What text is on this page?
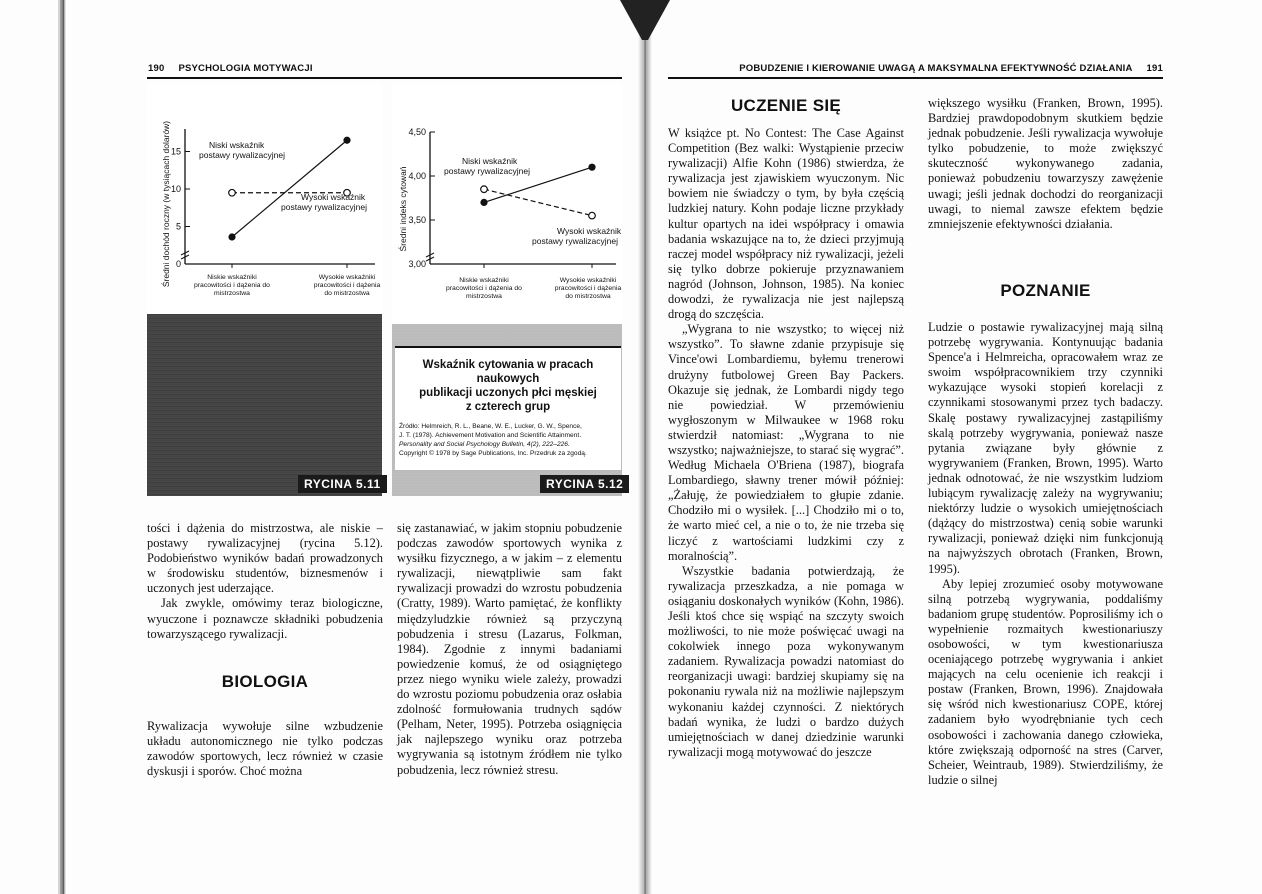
190 PSYCHOLOGIA MOTYWACJI
Średni dochód roczny (w tysiącach dolarów) 15
10
5
0
Niski wskaźnik postawy rywalizacyjnej
Wysoki wskaźnik postawy rywalizacyjnej
Niskie wskaźniki pracowitości i dążenia do mistrzostwa
Wysokie wskaźniki pracowitości i dążenia do mistrzostwa
RYCINA 5.11
Średni indeks cytowań
4,50
4,00
3,50
3,00
Niski wskaźnik postawy rywalizacyjnej
Wysoki wskaźnik postawy rywalizacyjnej
Niskie wskaźniki pracowitości i dążenia do mistrzostwa
Wysokie wskaźniki pracowitości i dążenia do mistrzostwa
Wskaźnik cytowania w pracach naukowych
publikacji uczonych płci męskiej
z czterech grup
Źródło: Helmreich, R. L., Beane, W. E., Lucker, G. W., Spence,
J. T. (1978). Achievement Motivation and Scientific Attainment.
Personality and Social Psychology Bulletin, 4(2), 222–226.
Copyright © 1978 by Sage Publications, Inc. Przedruk za zgodą.
RYCINA 5.12

tości i dążenia do mistrzostwa, ale niskie – postawy rywalizacyjnej (rycina 5.12). Podobieństwo wyników badań prowadzonych w środowisku studentów, biznesmenów i uczonych jest uderzające.

Jak zwykle, omówimy teraz biologiczne, wyuczone i poznawcze składniki pobudzenia towarzyszącego rywalizacji.

BIOLOGIA

Rywalizacja wywołuje silne wzbudzenie układu autonomicznego nie tylko podczas zawodów sportowych, lecz również w czasie dyskusji i sporów. Choć można

się zastanawiać, w jakim stopniu pobudzenie podczas zawodów sportowych wynika z wysiłku fizycznego, a w jakim – z elementu rywalizacji, niewątpliwie sam fakt rywalizacji prowadzi do wzrostu pobudzenia (Cratty, 1989). Warto pamiętać, że konflikty międzyludzkie również są przyczyną pobudzenia i stresu (Lazarus, Folkman, 1984). Zgodnie z innymi badaniami powiedzenie komuś, że od osiągniętego przez niego wyniku wiele zależy, prowadzi do wzrostu poziomu pobudzenia oraz osłabia zdolność formułowania trudnych sądów (Pelham, Neter, 1995). Potrzeba osiągnięcia jak najlepszego wyniku oraz potrzeba wygrywania są istotnym źródłem nie tylko pobudzenia, lecz również stresu.

POBUDZENIE I KIEROWANIE UWAGĄ A MAKSYMALNA EFEKTYWNOŚĆ DZIAŁANIA 191
UCZENIE SIĘ

W książce pt. No Contest: The Case Against Competition (Bez walki: Wystąpienie przeciw rywalizacji) Alfie Kohn (1986) stwierdza, że rywalizacja jest zjawiskiem wyuczonym. Nic bowiem nie świadczy o tym, by była częścią ludzkiej natury. Kohn podaje liczne przykłady kultur opartych na idei współpracy i omawia badania wskazujące na to, że dzieci przyjmują raczej model współpracy niż rywalizacji, jeżeli się tylko dobrze pokieruje przyznawaniem nagród (Johnson, Johnson, 1985). Na koniec dowodzi, że rywalizacja nie jest najlepszą drogą do szczęścia.

„Wygrana to nie wszystko; to więcej niż wszystko”. To sławne zdanie przypisuje się Vince'owi Lombardiemu, byłemu trenerowi drużyny futbolowej Green Bay Packers. Okazuje się jednak, że Lombardi nigdy tego nie powiedział. W przemówieniu wygłoszonym w Milwaukee w 1968 roku stwierdził natomiast: „Wygrana to nie wszystko; najważniejsze, to starać się wygrać”. Według Michaela O'Briena (1987), biografa Lombardiego, sławny trener mówił później: „Żałuję, że powiedziałem to głupie zdanie. Chodziło mi o wysiłek. [...] Chodziło mi o to, że warto mieć cel, a nie o to, że nie trzeba się liczyć z wartościami ludzkimi czy z moralnością”.

Wszystkie badania potwierdzają, że rywalizacja przeszkadza, a nie pomaga w osiąganiu doskonałych wyników (Kohn, 1986). Jeśli ktoś chce się wspiąć na szczyty swoich możliwości, to nie może poświęcać uwagi na cokolwiek innego poza wykonywanym zadaniem. Rywalizacja powadzi natomiast do reorganizacji uwagi: bardziej skupiamy się na pokonaniu rywala niż na możliwie najlepszym wykonaniu każdej czynności. Z niektórych badań wynika, że ludzi o bardzo dużych umiejętnościach w danej dziedzinie warunki rywalizacji mogą motywować do jeszcze

większego wysiłku (Franken, Brown, 1995). Bardziej prawdopodobnym skutkiem będzie jednak pobudzenie. Jeśli rywalizacja wywołuje tylko pobudzenie, to może zwiększyć skuteczność wykonywanego zadania, ponieważ pobudzeniu towarzyszy zawężenie uwagi; jeśli jednak dochodzi do reorganizacji uwagi, to niemal zawsze efektem będzie zmniejszenie efektywności działania.

POZNANIE

Ludzie o postawie rywalizacyjnej mają silną potrzebę wygrywania. Kontynuując badania Spence'a i Helmreicha, opracowałem wraz ze swoim współpracownikiem trzy czynniki wykazujące wysoki stopień korelacji z czynnikami stosowanymi przez tych badaczy. Skalę postawy rywalizacyjnej zastąpiliśmy skalą potrzeby wygrywania, ponieważ nasze pytania związane były głównie z wygrywaniem (Franken, Brown, 1995). Warto jednak odnotować, że nie wszystkim ludziom lubiącym rywalizację zależy na wygrywaniu; niektórzy ludzie o wysokich umiejętnościach (dążący do mistrzostwa) cenią sobie warunki rywalizacji, ponieważ dzięki nim funkcjonują na najwyższych obrotach (Franken, Brown, 1995).

Aby lepiej zrozumieć osoby motywowane silną potrzebą wygrywania, poddaliśmy badaniom grupę studentów. Poprosiliśmy ich o wypełnienie rozmaitych kwestionariuszy osobowości, w tym kwestionariusza oceniającego potrzebę wygrywania i ankiet mających na celu ocenienie ich reakcji i postaw (Franken, Brown, 1996). Znajdowała się wśród nich kwestionariusz COPE, której zadaniem było wyodrębnianie tych cech osobowości i zachowania danego człowieka, które zwiększają odporność na stres (Carver, Scheier, Weintraub, 1989). Stwierdziliśmy, że ludzie o silnej
